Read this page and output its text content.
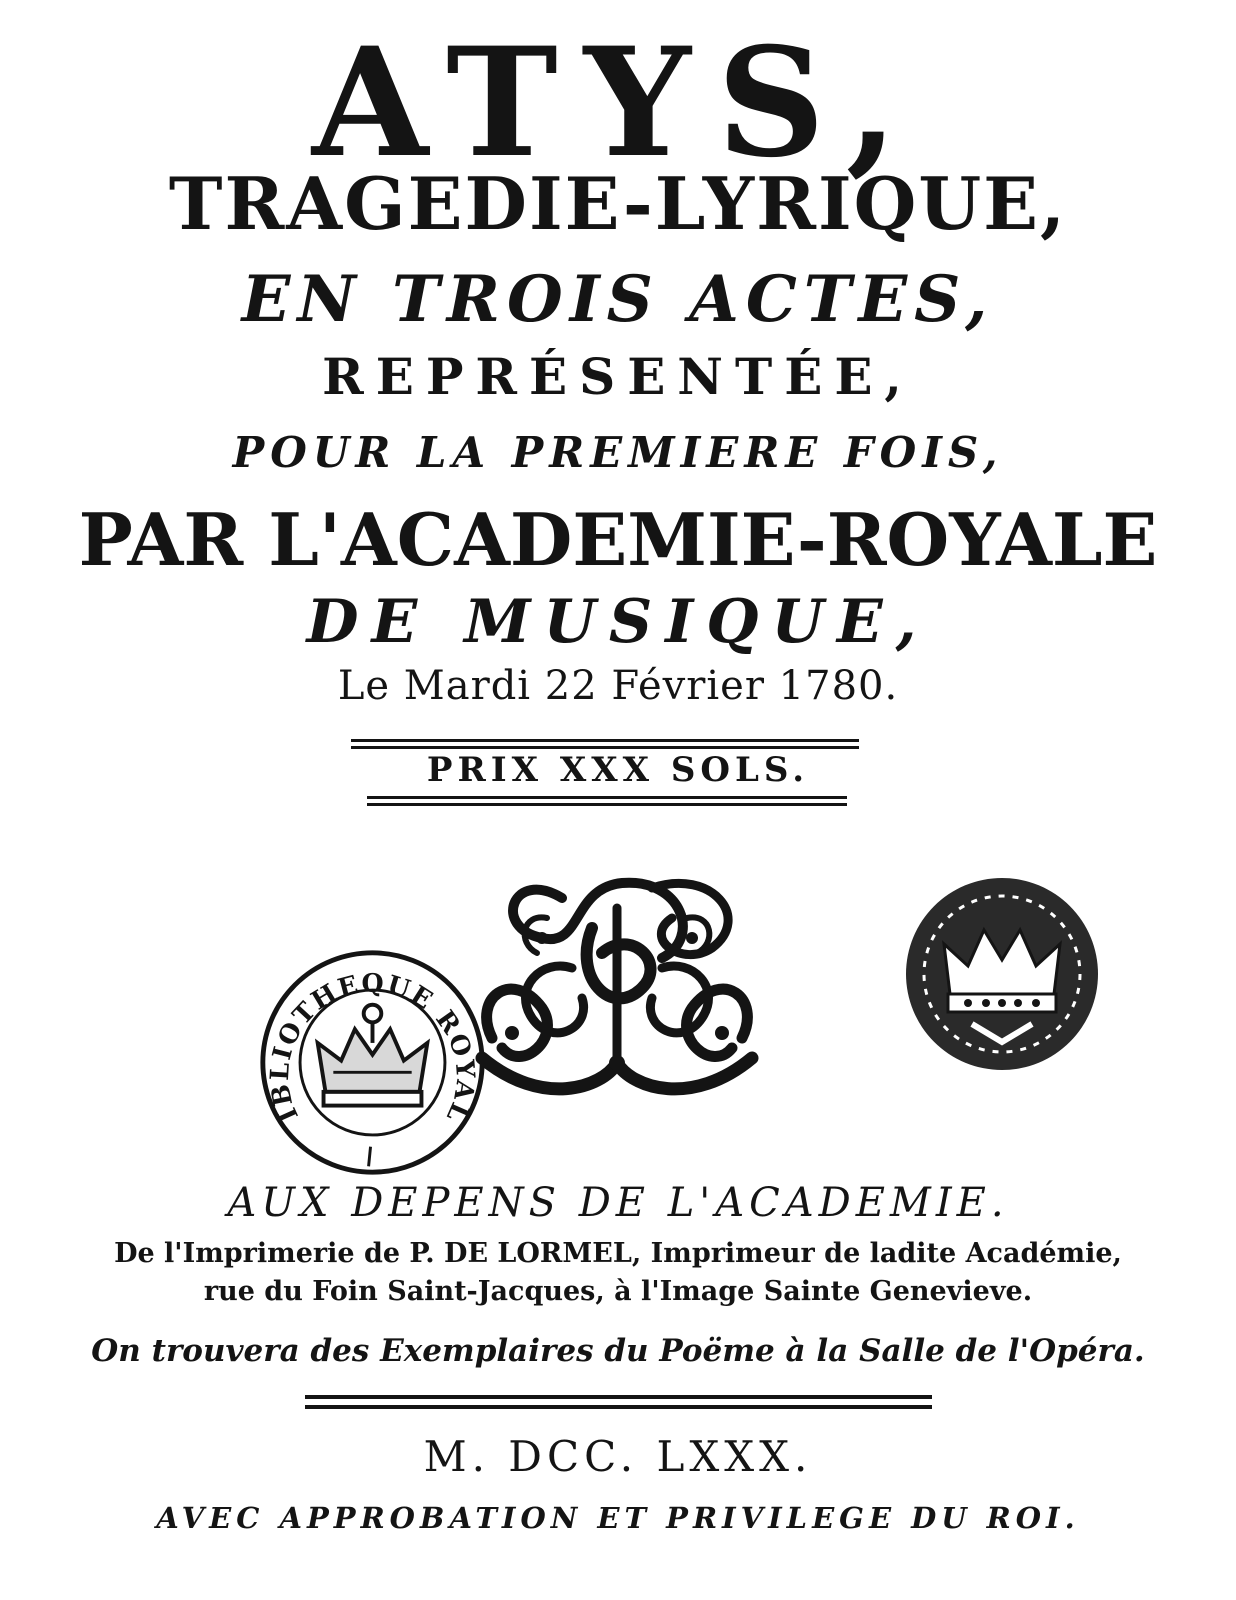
ATYS,
TRAGEDIE-LYRIQUE,
EN TROIS ACTES,
REPRÉSENTÉE,
POUR LA PREMIERE FOIS,
PAR L'ACADEMIE-ROYALE
DE MUSIQUE,
Le Mardi 22 Février 1780.
PRIX XXX SOLS.
IBLIOTHEQUE ROYAL
AUX DEPENS DE L'ACADEMIE.
De l'Imprimerie de P. DE LORMEL, Imprimeur de ladite Académie,
rue du Foin Saint-Jacques, à l'Image Sainte Genevieve.
On trouvera des Exemplaires du Poëme à la Salle de l'Opéra.
M. DCC. LXXX.
AVEC APPROBATION ET PRIVILEGE DU ROI.
